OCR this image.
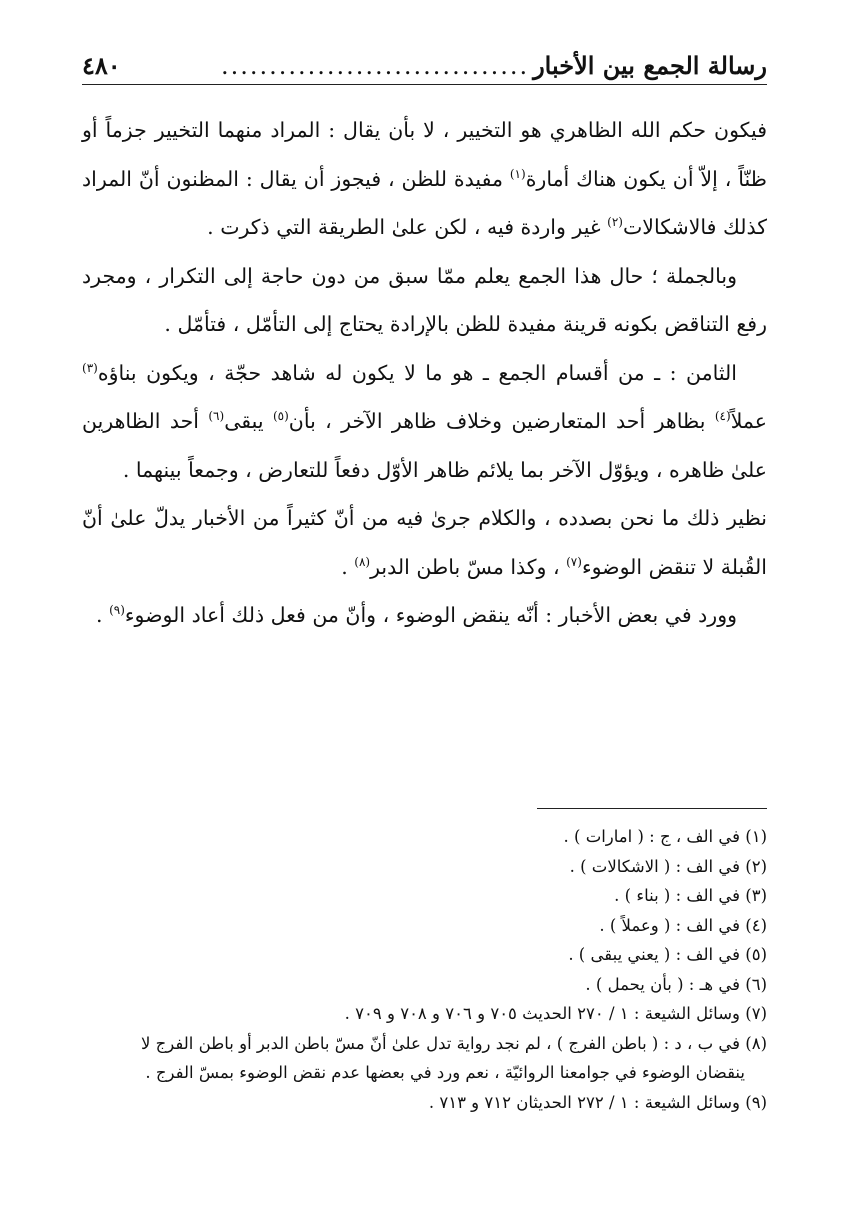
رسالة الجمع بين الأخبار
................................
٤٨٠

فيكون حكم الله الظاهري هو التخيير ، لا بأن يقال : المراد منهما التخيير جزماً أو ظنّاً ، إلاّ أن يكون هناك أمارة$^{(١)}$ مفيدة للظن ، فيجوز أن يقال : المظنون أنّ المراد كذلك فالاشكالات$^{(٢)}$ غير واردة فيه ، لكن علىٰ الطريقة التي ذكرت .

وبالجملة ؛ حال هذا الجمع يعلم ممّا سبق من دون حاجة إلى التكرار ، ومجرد رفع التناقض بكونه قرينة مفيدة للظن بالإرادة يحتاج إلى التأمّل ، فتأمّل .

الثامن : ـ من أقسام الجمع ـ هو ما لا يكون له شاهد حجّة ، ويكون بناؤه$^{(٣)}$ عملاً$^{(٤)}$ بظاهر أحد المتعارضين وخلاف ظاهر الآخر ، بأن$^{(٥)}$ يبقى$^{(٦)}$ أحد الظاهرين علىٰ ظاهره ، ويؤوّل الآخر بما يلائم ظاهر الأوّل دفعاً للتعارض ، وجمعاً بينهما .

نظير ذلك ما نحن بصدده ، والكلام جرىٰ فيه من أنّ كثيراً من الأخبار يدلّ علىٰ أنّ القُبلة لا تنقض الوضوء$^{(٧)}$ ، وكذا مسّ باطن الدبر$^{(٨)}$ .

وورد في بعض الأخبار : أنّه ينقض الوضوء ، وأنّ من فعل ذلك أعاد الوضوء$^{(٩)}$ .

(١) في الف ، ج : ( امارات ) .

(٢) في الف : ( الاشكالات ) .

(٣) في الف : ( بناء ) .

(٤) في الف : ( وعملاً ) .

(٥) في الف : ( يعني يبقى ) .

(٦) في هـ : ( بأن يحمل ) .

(٧) وسائل الشيعة : ١ / ٢٧٠ الحديث ٧٠٥ و ٧٠٦ و ٧٠٨ و ٧٠٩ .

(٨) في ب ، د : ( باطن الفرج ) ، لم نجد رواية تدل علىٰ أنّ مسّ باطن الدبر أو باطن الفرج لا

ينقضان الوضوء في جوامعنا الروائيّة ، نعم ورد في بعضها عدم نقض الوضوء بمسّ الفرج .

(٩) وسائل الشيعة : ١ / ٢٧٢ الحديثان ٧١٢ و ٧١٣ .
